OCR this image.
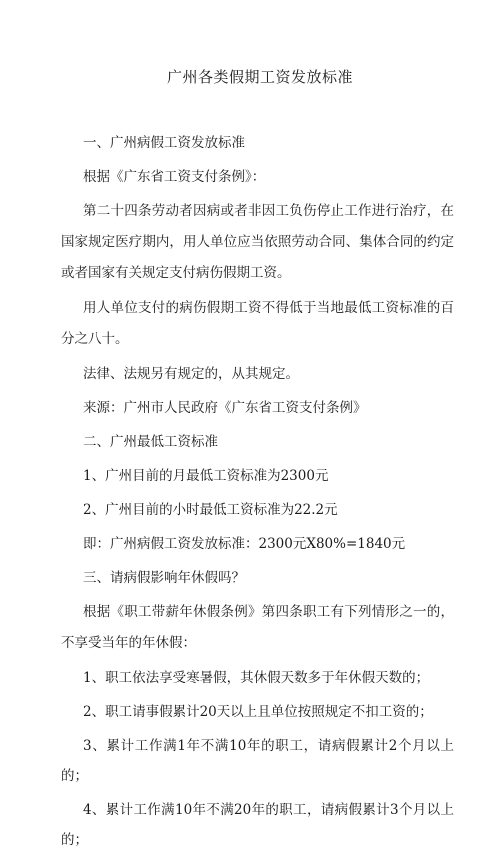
广州各类假期工资发放标准

一、广州病假工资发放标准

根据《广东省工资支付条例》：

第二十四条劳动者因病或者非因工负伤停止工作进行治疗，在国家规定医疗期内，用人单位应当依照劳动合同、集体合同的约定或者国家有关规定支付病伤假期工资。

用人单位支付的病伤假期工资不得低于当地最低工资标准的百分之八十。

法律、法规另有规定的，从其规定。

来源：广州市人民政府《广东省工资支付条例》

二、广州最低工资标准

1、广州目前的月最低工资标准为2300元

2、广州目前的小时最低工资标准为22.2元

即：广州病假工资发放标准：2300元X80%=1840元

三、请病假影响年休假吗？

根据《职工带薪年休假条例》第四条职工有下列情形之一的，不享受当年的年休假：

1、职工依法享受寒暑假，其休假天数多于年休假天数的；

2、职工请事假累计20天以上且单位按照规定不扣工资的；

3、累计工作满1年不满10年的职工，请病假累计2个月以上的；

4、累计工作满10年不满20年的职工，请病假累计3个月以上的；
